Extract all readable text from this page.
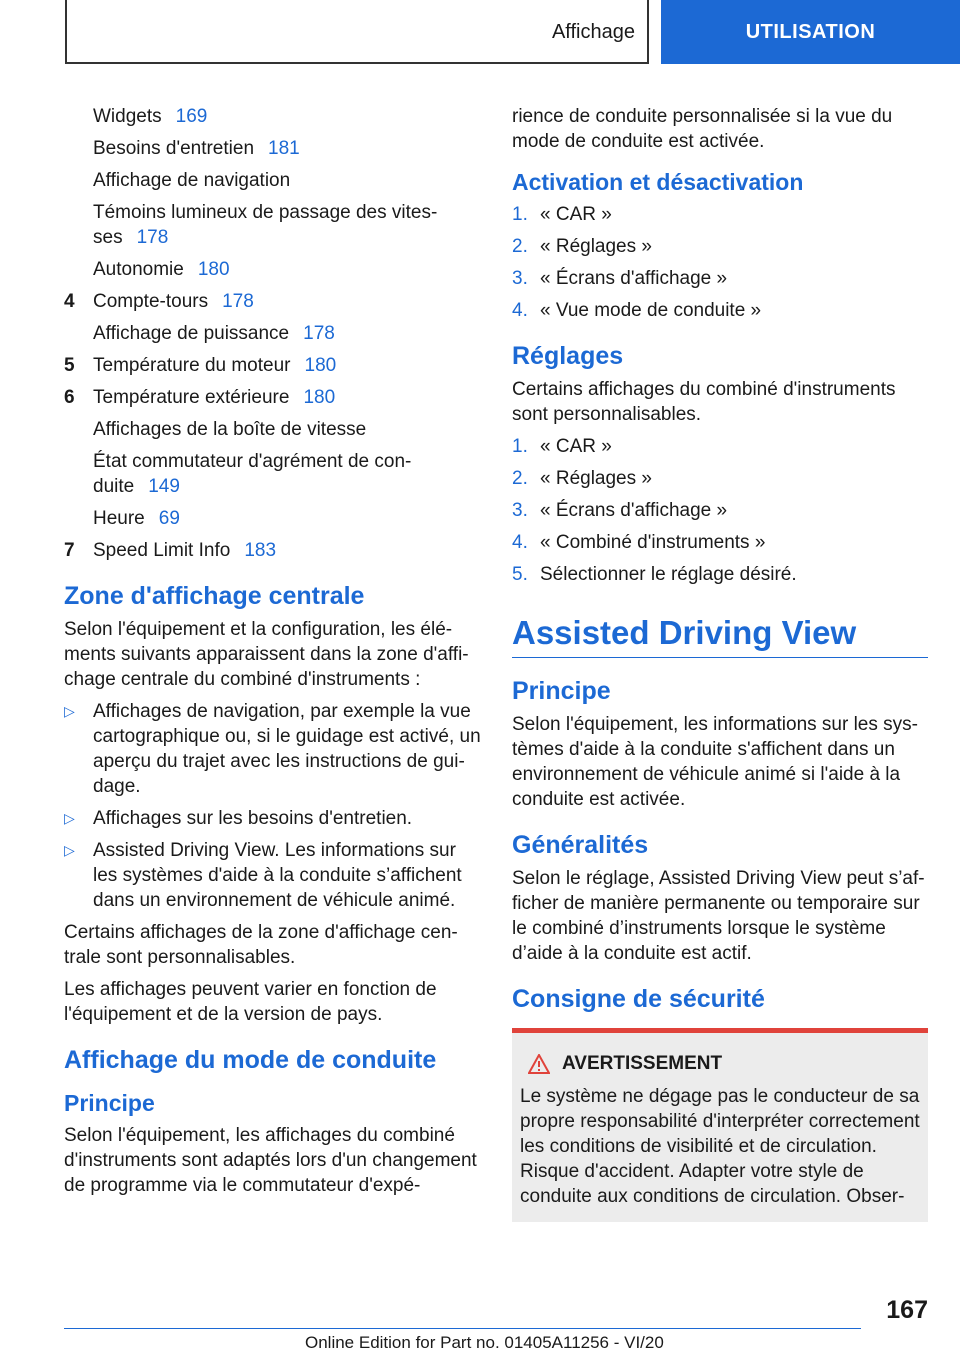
Affichage	UTILISATION
Widgets 169
Besoins d'entretien 181
Affichage de navigation
Témoins lumineux de passage des vitesses 178
Autonomie 180
4 Compte-tours 178
Affichage de puissance 178
5 Température du moteur 180
6 Température extérieure 180
Affichages de la boîte de vitesse
État commutateur d'agrément de conduite 149
Heure 69
7 Speed Limit Info 183
Zone d'affichage centrale

Selon l'équipement et la configuration, les éléments suivants apparaissent dans la zone d'affichage centrale du combiné d'instruments :

▷ Affichages de navigation, par exemple la vue cartographique ou, si le guidage est activé, un aperçu du trajet avec les instructions de guidage.
▷ Affichages sur les besoins d'entretien.
▷ Assisted Driving View. Les informations sur les systèmes d'aide à la conduite s’affichent dans un environnement de véhicule animé.

Certains affichages de la zone d'affichage centrale sont personnalisables.

Les affichages peuvent varier en fonction de l'équipement et de la version de pays.

Affichage du mode de conduite
Principe

Selon l'équipement, les affichages du combiné d'instruments sont adaptés lors d'un changement de programme via le commutateur d'expé-

rience de conduite personnalisée si la vue du mode de conduite est activée.

Activation et désactivation
1. « CAR »
2. « Réglages »
3. « Écrans d'affichage »
4. « Vue mode de conduite »
Réglages

Certains affichages du combiné d'instruments sont personnalisables.

1. « CAR »
2. « Réglages »
3. « Écrans d'affichage »
4. « Combiné d'instruments »
5. Sélectionner le réglage désiré.
Assisted Driving View
Principe

Selon l'équipement, les informations sur les systèmes d'aide à la conduite s'affichent dans un environnement de véhicule animé si l'aide à la conduite est activée.

Généralités

Selon le réglage, Assisted Driving View peut s’afficher de manière permanente ou temporaire sur le combiné d’instruments lorsque le système d’aide à la conduite est actif.

Consigne de sécurité
AVERTISSEMENT

Le système ne dégage pas le conducteur de sa propre responsabilité d'interpréter correctement les conditions de visibilité et de circulation. Risque d'accident. Adapter votre style de conduite aux conditions de circulation. Obser-

167
Online Edition for Part no. 01405A11256 - VI/20
